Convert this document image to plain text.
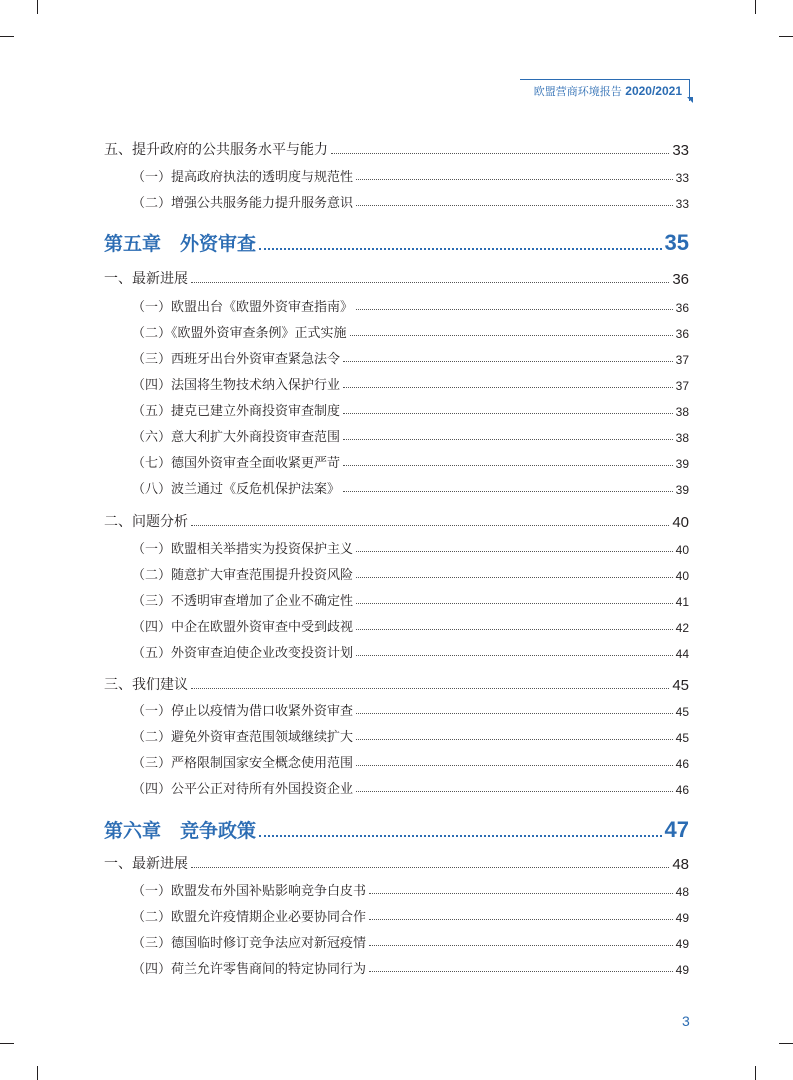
欧盟营商环境报告 2020/2021
五、提升政府的公共服务水平与能力	33
（一）提高政府执法的透明度与规范性	33
（二）增强公共服务能力提升服务意识	33
第五章　外资审查	35
一、最新进展	36
（一）欧盟出台《欧盟外资审查指南》	36
（二）《欧盟外资审查条例》正式实施	36
（三）西班牙出台外资审查紧急法令	37
（四）法国将生物技术纳入保护行业	37
（五）捷克已建立外商投资审查制度	38
（六）意大利扩大外商投资审查范围	38
（七）德国外资审查全面收紧更严苛	39
（八）波兰通过《反危机保护法案》	39
二、问题分析	40
（一）欧盟相关举措实为投资保护主义	40
（二）随意扩大审查范围提升投资风险	40
（三）不透明审查增加了企业不确定性	41
（四）中企在欧盟外资审查中受到歧视	42
（五）外资审查迫使企业改变投资计划	44
三、我们建议	45
（一）停止以疫情为借口收紧外资审查	45
（二）避免外资审查范围领域继续扩大	45
（三）严格限制国家安全概念使用范围	46
（四）公平公正对待所有外国投资企业	46
第六章　竞争政策	47
一、最新进展	48
（一）欧盟发布外国补贴影响竞争白皮书	48
（二）欧盟允许疫情期企业必要协同合作	49
（三）德国临时修订竞争法应对新冠疫情	49
（四）荷兰允许零售商间的特定协同行为	49
3
